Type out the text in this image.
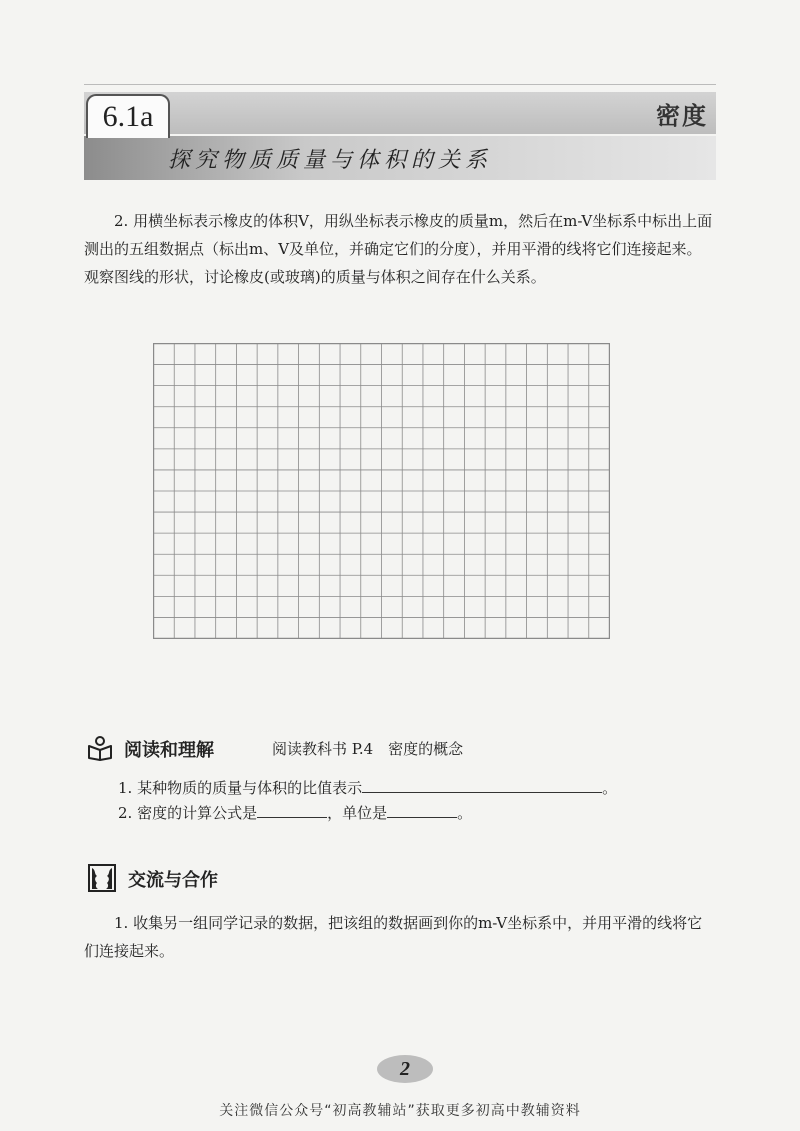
6.1a	密度
探究物质质量与体积的关系
2. 用横坐标表示橡皮的体积V，用纵坐标表示橡皮的质量m，然后在m-V坐标系中标出上面测出的五组数据点（标出m、V及单位，并确定它们的分度），并用平滑的线将它们连接起来。观察图线的形状，讨论橡皮(或玻璃)的质量与体积之间存在什么关系。
阅读和理解	阅读教科书 P.4　密度的概念
1. 某种物质的质量与体积的比值表示	。
2. 密度的计算公式是	，单位是	。
交流与合作
1. 收集另一组同学记录的数据，把该组的数据画到你的m-V坐标系中，并用平滑的线将它们连接起来。
2
关注微信公众号“初高教辅站”获取更多初高中教辅资料
